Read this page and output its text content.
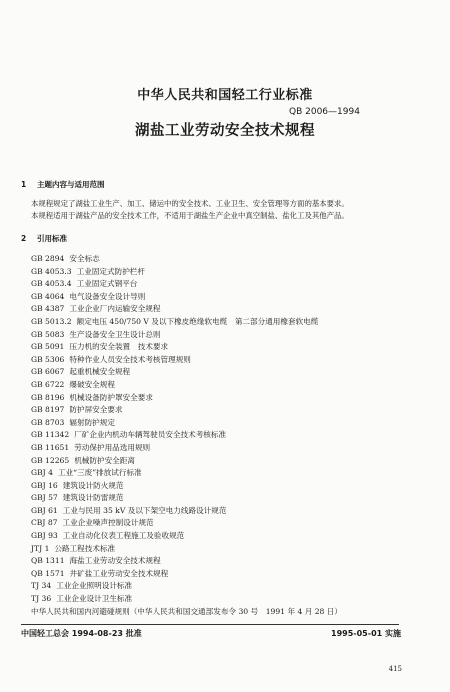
中华人民共和国轻工行业标准
QB 2006—1994
湖盐工业劳动安全技术规程
1 主题内容与适用范围
本规程规定了湖盐工业生产、加工、储运中的安全技术、工业卫生、安全管理等方面的基本要求。
本规程适用于湖盐产品的安全技术工作，不适用于湖盐生产企业中真空制盐、盐化工及其他产品。
2 引用标准
GB 2894 安全标志
GB 4053.3 工业固定式防护栏杆
GB 4053.4 工业固定式钢平台
GB 4064 电气设备安全设计导则
GB 4387 工业企业厂内运输安全规程
GB 5013.2 额定电压 450/750 V 及以下橡皮绝缘软电缆　第二部分通用橡套软电缆
GB 5083 生产设备安全卫生设计总则
GB 5091 压力机的安全装置　技术要求
GB 5306 特种作业人员安全技术考核管理规则
GB 6067 起重机械安全规程
GB 6722 爆破安全规程
GB 8196 机械设备防护罩安全要求
GB 8197 防护屏安全要求
GB 8703 辐射防护规定
GB 11342 厂矿企业内机动车辆驾驶员安全技术考核标准
GB 11651 劳动保护用品选用规则
GB 12265 机械防护安全距离
GBJ 4 工业“三废”排放试行标准
GBJ 16 建筑设计防火规范
GBJ 57 建筑设计防雷规范
GBJ 61 工业与民用 35 kV 及以下架空电力线路设计规范
CBJ 87 工业企业噪声控制设计规范
GBJ 93 工业自动化仪表工程施工及验收规范
JTJ 1 公路工程技术标准
QB 1311 海盐工业劳动安全技术规程
QB 1571 井矿盐工业劳动安全技术规程
TJ 34 工业企业照明设计标准
TJ 36 工业企业设计卫生标准
中华人民共和国内河避碰规则（中华人民共和国交通部发布令 30 号　1991 年 4 月 28 日）
中国轻工总会 1994-08-23 批准	1995-05-01 实施
415
